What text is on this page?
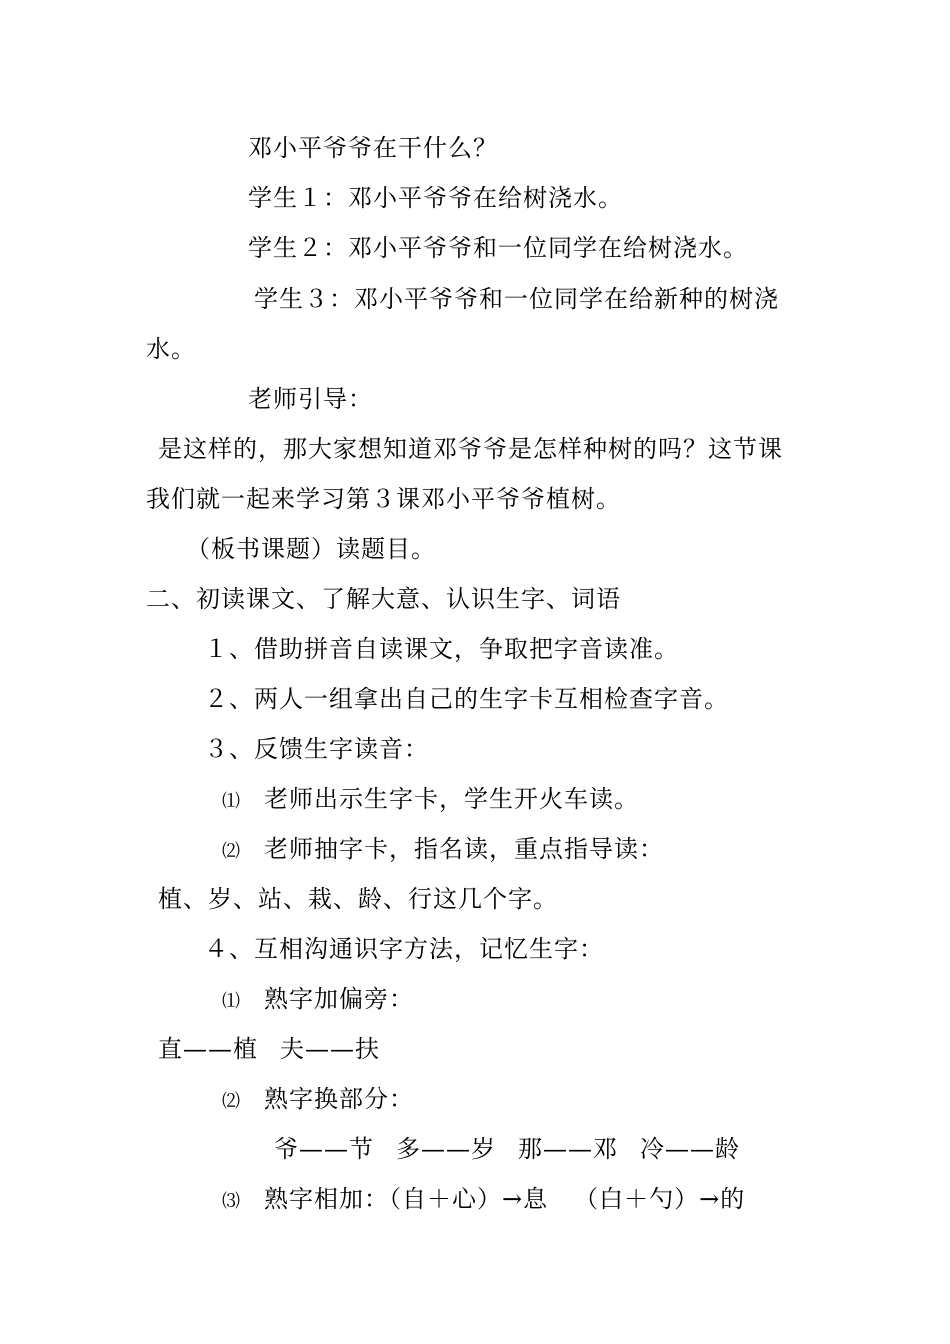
邓小平爷爷在干什么？
学生１：邓小平爷爷在给树浇水。
学生２：邓小平爷爷和一位同学在给树浇水。
学生３：邓小平爷爷和一位同学在给新种的树浇
水。
老师引导：
是这样的，那大家想知道邓爷爷是怎样种树的吗？这节课
我们就一起来学习第３课邓小平爷爷植树。
（板书课题）读题目。
二、初读课文、了解大意、认识生字、词语
１、借助拼音自读课文，争取把字音读准。
２、两人一组拿出自己的生字卡互相检查字音。
３、反馈生字读音：
⑴ 老师出示生字卡，学生开火车读。
⑵ 老师抽字卡，指名读，重点指导读：
植、岁、站、栽、龄、行这几个字。
４、互相沟通识字方法，记忆生字：
⑴ 熟字加偏旁：
直——植 夫——扶
⑵ 熟字换部分：
爷——节 多——岁 那——邓 冷——龄
⑶ 熟字相加：（自＋心）→息 （白＋勺）→的
